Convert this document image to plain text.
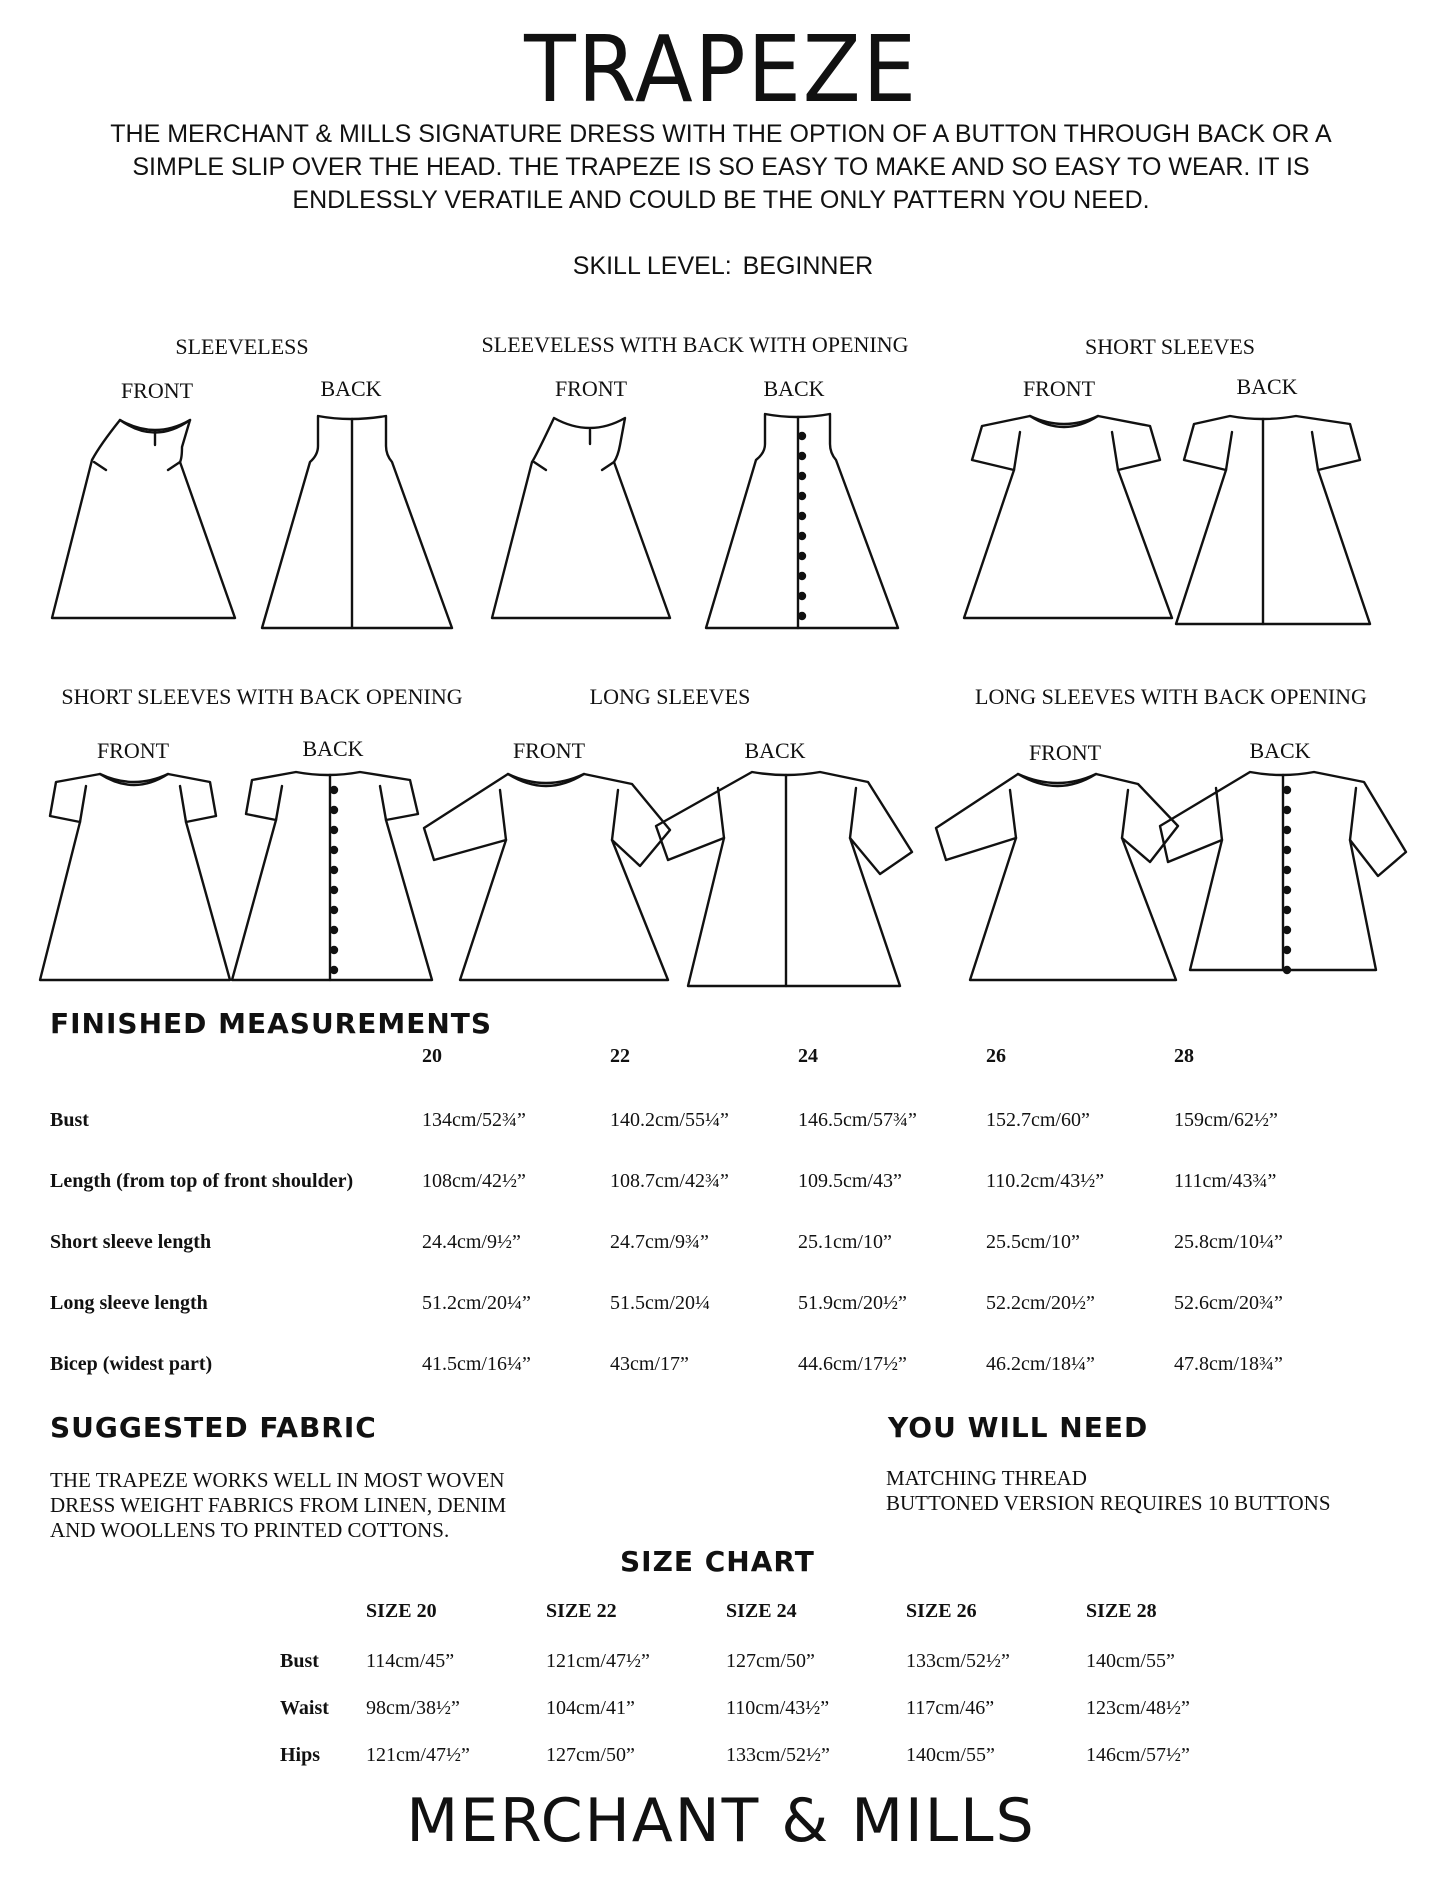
TRAPEZE
THE MERCHANT & MILLS SIGNATURE DRESS WITH THE OPTION OF A BUTTON THROUGH BACK OR A SIMPLE SLIP OVER THE HEAD. THE TRAPEZE IS SO EASY TO MAKE AND SO EASY TO WEAR. IT IS ENDLESSLY VERATILE AND COULD BE THE ONLY PATTERN YOU NEED.
SKILL LEVEL: BEGINNER
SLEEVELESS	SLEEVELESS WITH BACK WITH OPENING	SHORT SLEEVES
FRONT	BACK	FRONT	BACK	FRONT	BACK
SHORT SLEEVES WITH BACK OPENING	LONG SLEEVES	LONG SLEEVES WITH BACK OPENING
FRONT	BACK	FRONT	BACK	FRONT	BACK
FINISHED MEASUREMENTS
	20	22	24	26	28
Bust	134cm/52¾”	140.2cm/55¼”	146.5cm/57¾”	152.7cm/60”	159cm/62½”
Length (from top of front shoulder)	108cm/42½”	108.7cm/42¾”	109.5cm/43”	110.2cm/43½”	111cm/43¾”
Short sleeve length	24.4cm/9½”	24.7cm/9¾”	25.1cm/10”	25.5cm/10”	25.8cm/10¼”
Long sleeve length	51.2cm/20¼”	51.5cm/20¼	51.9cm/20½”	52.2cm/20½”	52.6cm/20¾”
Bicep (widest part)	41.5cm/16¼”	43cm/17”	44.6cm/17½”	46.2cm/18¼”	47.8cm/18¾”
SUGGESTED FABRIC
THE TRAPEZE WORKS WELL IN MOST WOVEN DRESS WEIGHT FABRICS FROM LINEN, DENIM AND WOOLLENS TO PRINTED COTTONS.
YOU WILL NEED
MATCHING THREAD
BUTTONED VERSION REQUIRES 10 BUTTONS
SIZE CHART
	SIZE 20	SIZE 22	SIZE 24	SIZE 26	SIZE 28
Bust	114cm/45”	121cm/47½”	127cm/50”	133cm/52½”	140cm/55”
Waist	98cm/38½”	104cm/41”	110cm/43½”	117cm/46”	123cm/48½”
Hips	121cm/47½”	127cm/50”	133cm/52½”	140cm/55”	146cm/57½”
MERCHANT & MILLS
